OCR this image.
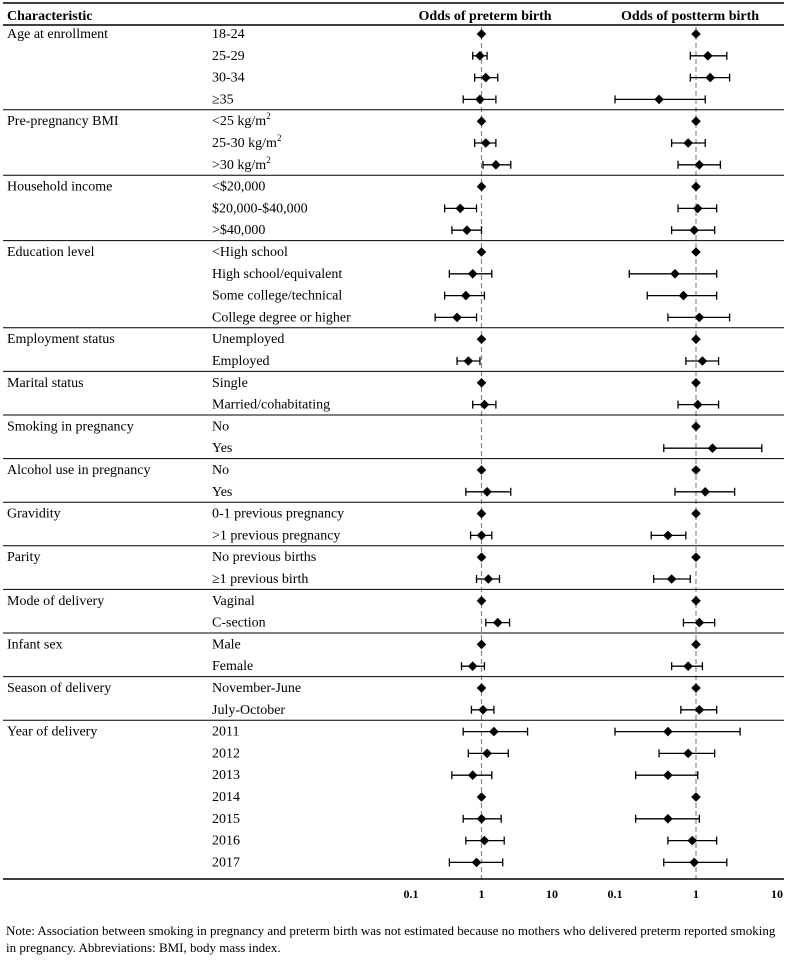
Characteristic	Odds of preterm birth	Odds of postterm birth
Age at enrollment	18-24
25-29
30-34
≥35
Pre-pregnancy BMI	<25 $kg/m^2$
25-30 $kg/m^2$
>30 $kg/m^2$
Household income	<$20,000
$20,000-$40,000
>$40,000
Education level	<High school
High school/equivalent
Some college/technical
College degree or higher
Employment status	Unemployed
Employed
Marital status	Single
Married/cohabitating
Smoking in pregnancy	No
Yes
Alcohol use in pregnancy	No
Yes
Gravidity	0-1 previous pregnancy
>1 previous pregnancy
Parity	No previous births
≥1 previous birth
Mode of delivery	Vaginal
C-section
Infant sex	Male
Female
Season of delivery	November-June
July-October
Year of delivery	2011
2012
2013
2014
2015
2016
2017
0.1	1	10	0.1	1	10
Note: Association between smoking in pregnancy and preterm birth was not estimated because no mothers who delivered preterm reported smoking in pregnancy. Abbreviations: BMI, body mass index.
